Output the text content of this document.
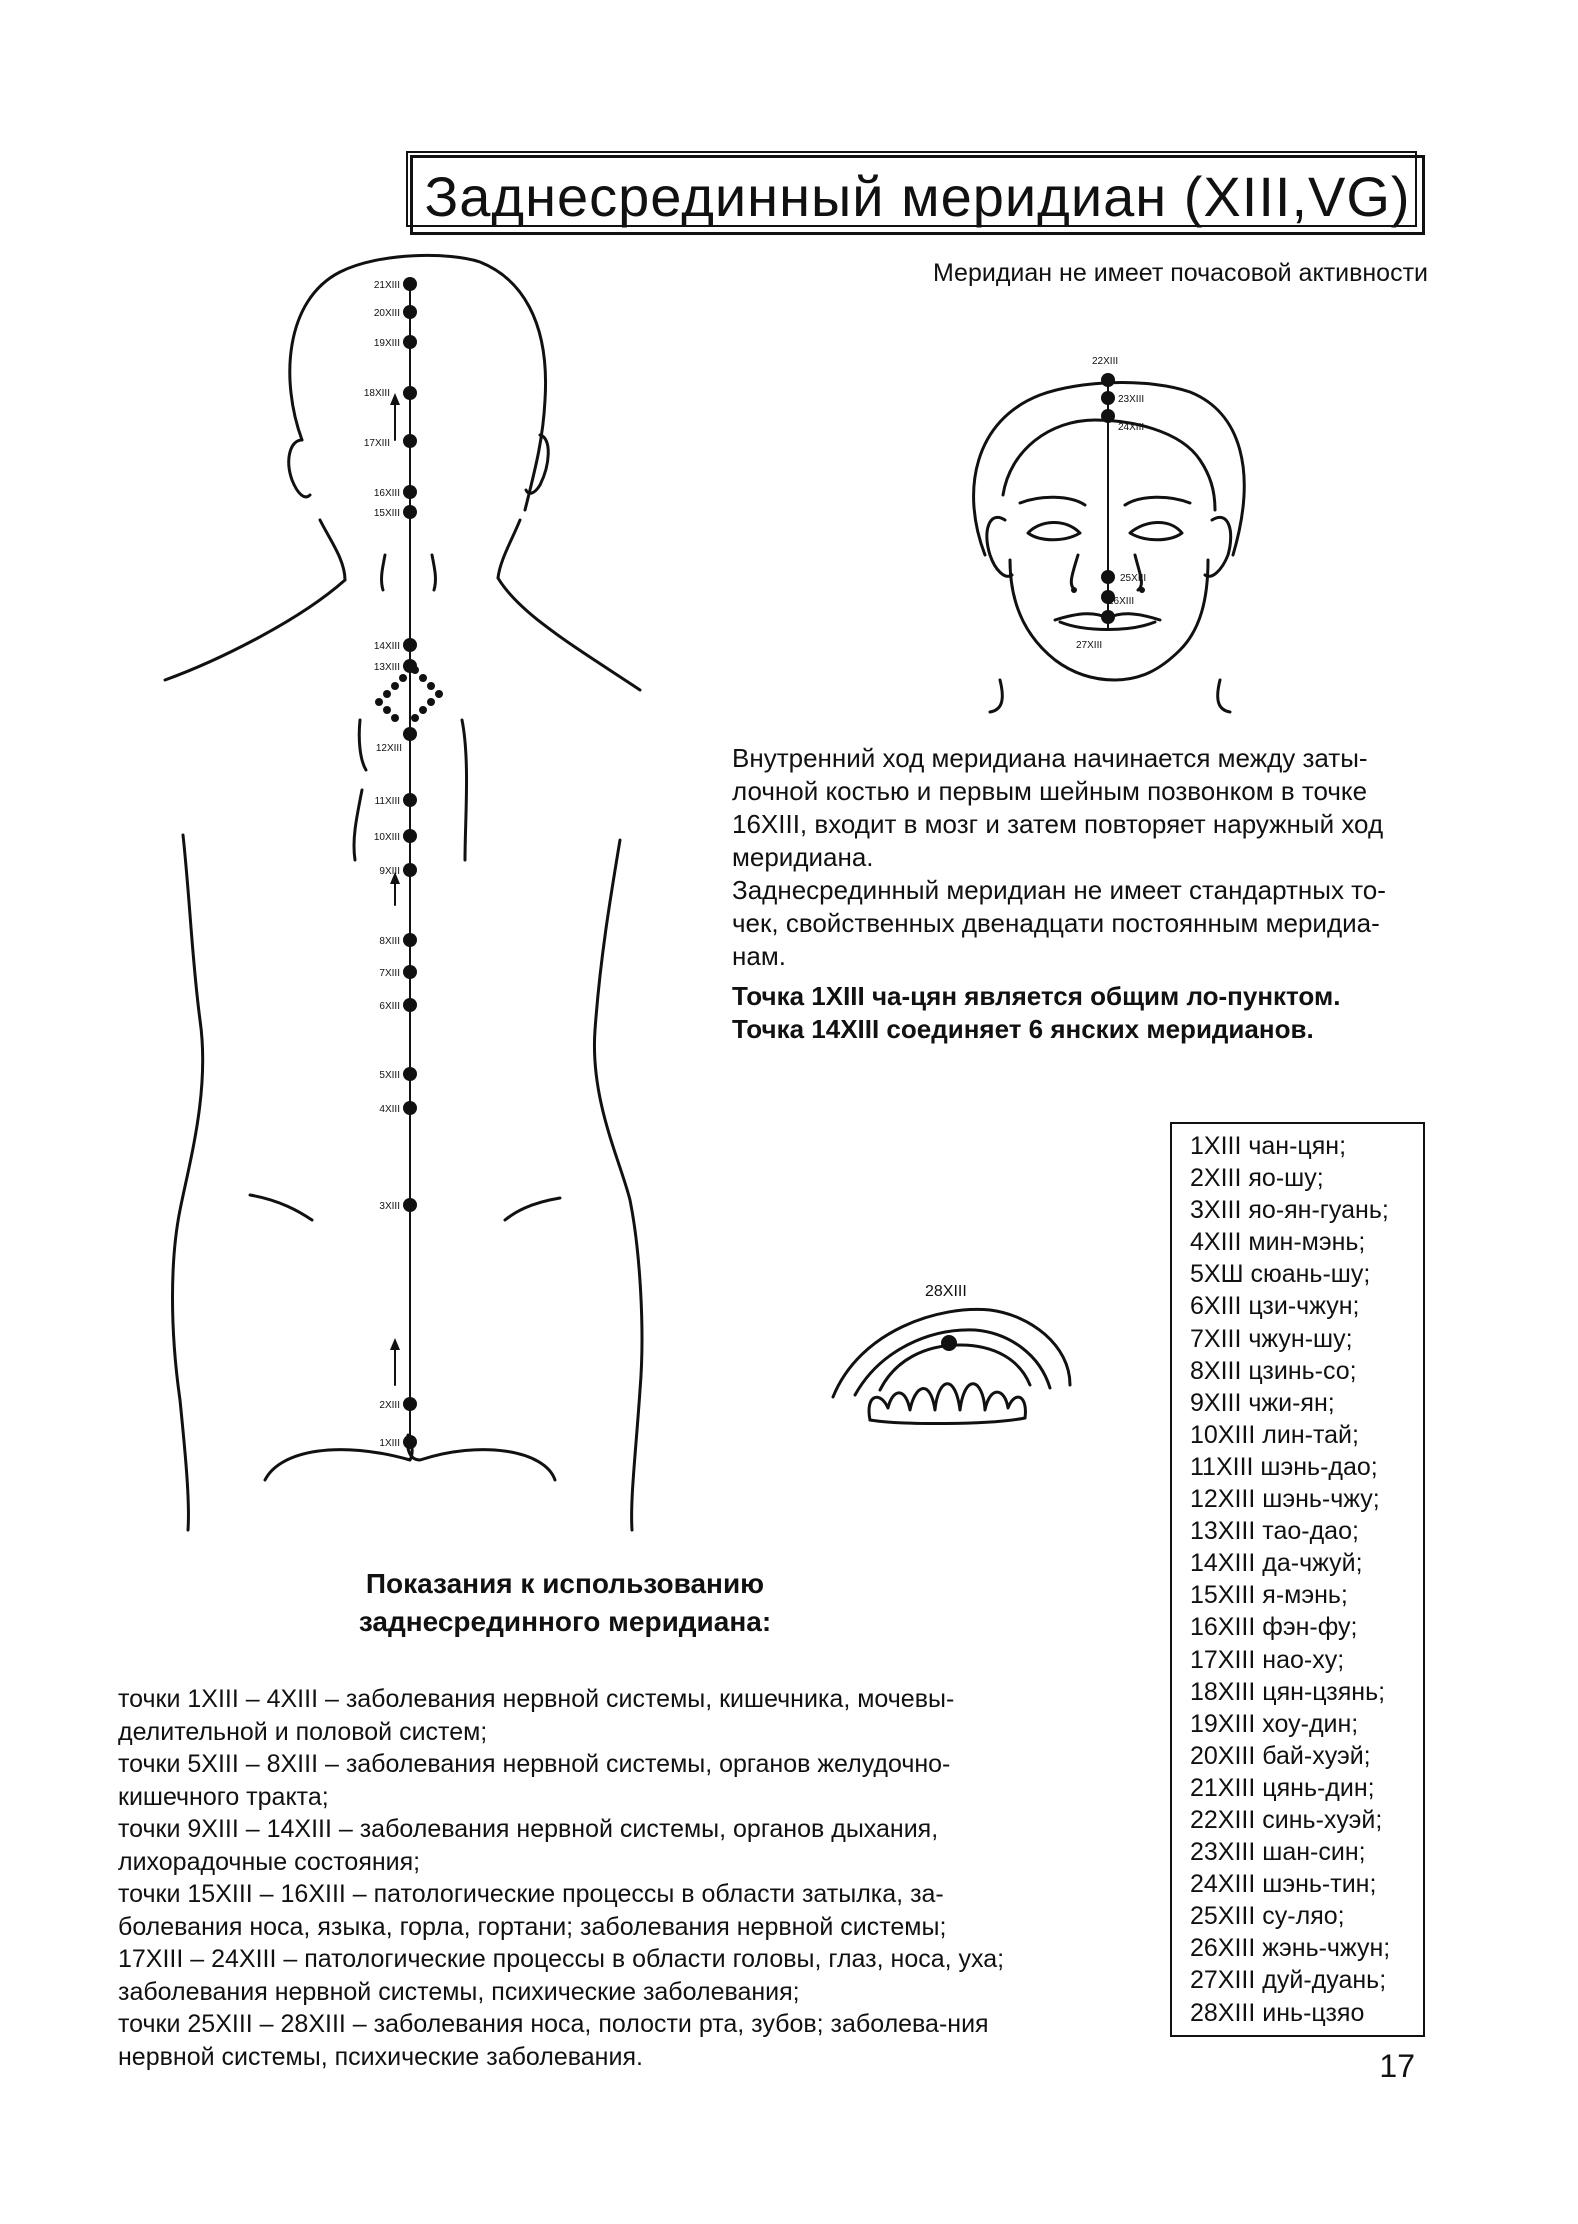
Заднесрединный меридиан (XIII,VG)
Меридиан не имеет почасовой активности
21XIII
20XIII
19XIII
18XIII
17XIII
16XIII
15XIII
14XIII
13XIII
12XIII
11XIII
10XIII
9XIII
8XIII
7XIII
6XIII
5XIII
4XIII
3XIII
2XIII
1XIII
22XIII
23XIII
24XIII
25XIII
26XIII
27XIII
28XIII

Внутренний ход меридиана начинается между заты-лочной костью и первым шейным позвонком в точке 16XIII, входит в мозг и затем повторяет наружный ход меридиана.

Заднесрединный меридиан не имеет стандартных то-чек, свойственных двенадцати постоянным меридиа-нам.

Точка 1XIII ча-цян является общим ло-пунктом.

Точка 14XIII соединяет 6 янских меридианов.

1XIII чан-цян;
2XIII яо-шу;
3XIII яо-ян-гуань;
4XIII мин-мэнь;
5ХШ сюань-шу;
6XIII цзи-чжун;
7XIII чжун-шу;
8XIII цзинь-со;
9XIII чжи-ян;
10XIII лин-тай;
11XIII шэнь-дао;
12XIII шэнь-чжу;
13XIII тао-дао;
14XIII да-чжуй;
15XIII я-мэнь;
16XIII фэн-фу;
17XIII нао-ху;
18XIII цян-цзянь;
19XIII хоу-дин;
20XIII бай-хуэй;
21XIII цянь-дин;
22XIII синь-хуэй;
23XIII шан-син;
24XIII шэнь-тин;
25XIII су-ляо;
26XIII жэнь-чжун;
27XIII дуй-дуань;
28XIII инь-цзяо

Показания к использованию

заднесрединного меридиана:

точки 1XIII – 4XIII – заболевания нервной системы, кишечника, мочевы-делительной и половой систем;

точки 5XIII – 8XIII – заболевания нервной системы, органов желудочно-кишечного тракта;

точки 9XIII – 14XIII – заболевания нервной системы, органов дыхания, лихорадочные состояния;

точки 15XIII – 16XIII – патологические процессы в области затылка, за-болевания носа, языка, горла, гортани; заболевания нервной системы;

17XIII – 24XIII – патологические процессы в области головы, глаз, носа, уха; заболевания нервной системы, психические заболевания;

точки 25XIII – 28XIII – заболевания носа, полости рта, зубов; заболева-ния нервной системы, психические заболевания.	17
